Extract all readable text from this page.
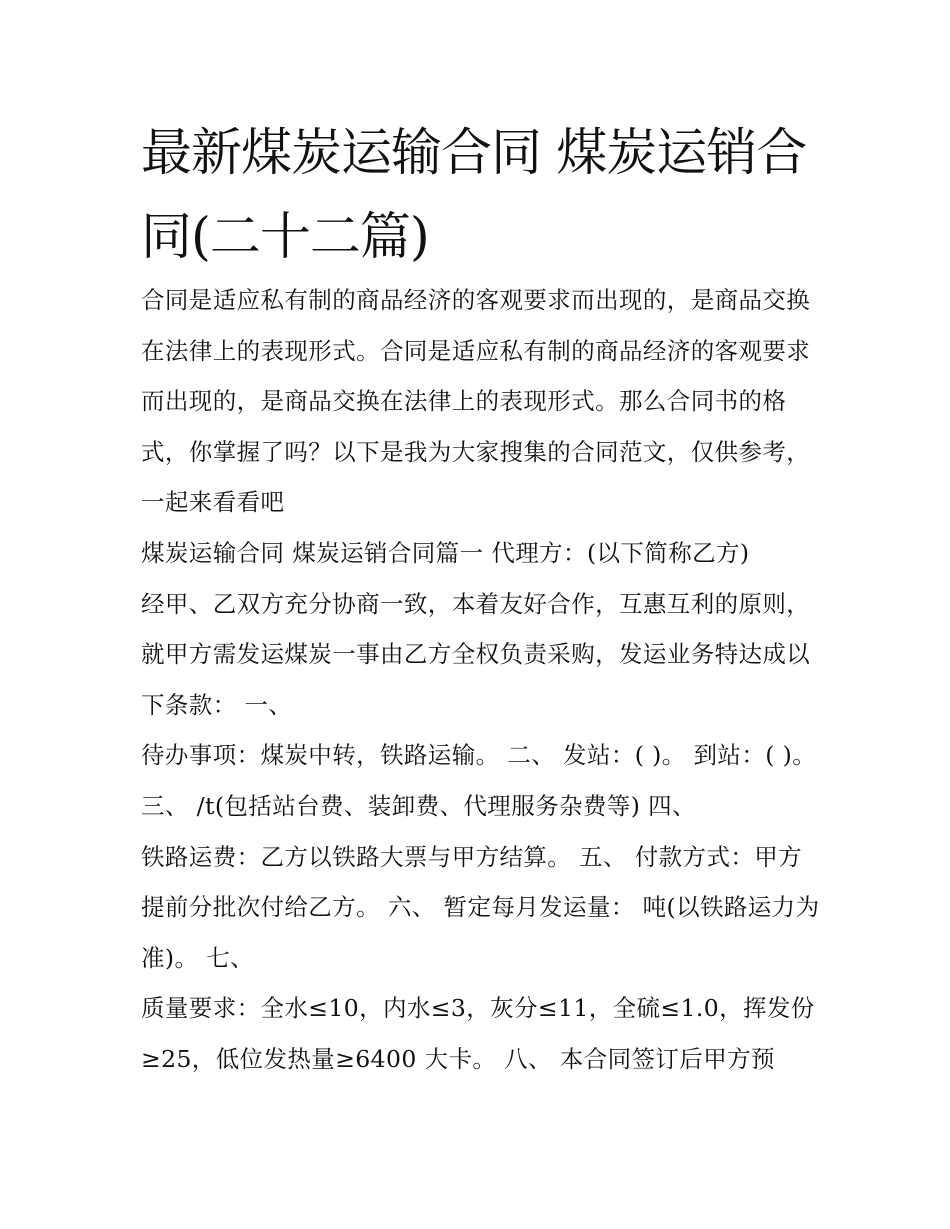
最新煤炭运输合同 煤炭运销合同(二十二篇)

合同是适应私有制的商品经济的客观要求而出现的，是商品交换在法律上的表现形式。合同是适应私有制的商品经济的客观要求而出现的，是商品交换在法律上的表现形式。那么合同书的格式，你掌握了吗？以下是我为大家搜集的合同范文，仅供参考，一起来看看吧

煤炭运输合同 煤炭运销合同篇一 代理方：(以下简称乙方)

经甲、乙双方充分协商一致，本着友好合作，互惠互利的原则，就甲方需发运煤炭一事由乙方全权负责采购，发运业务特达成以下条款： 一、

待办事项：煤炭中转，铁路运输。 二、 发站：( )。 到站：( )。 三、 /t(包括站台费、装卸费、代理服务杂费等) 四、

铁路运费：乙方以铁路大票与甲方结算。 五、 付款方式：甲方提前分批次付给乙方。 六、 暂定每月发运量： 吨(以铁路运力为准)。 七、

质量要求：全水≤10，内水≤3，灰分≤11，全硫≤1.0，挥发份≥25，低位发热量≥6400 大卡。 八、 本合同签订后甲方预
